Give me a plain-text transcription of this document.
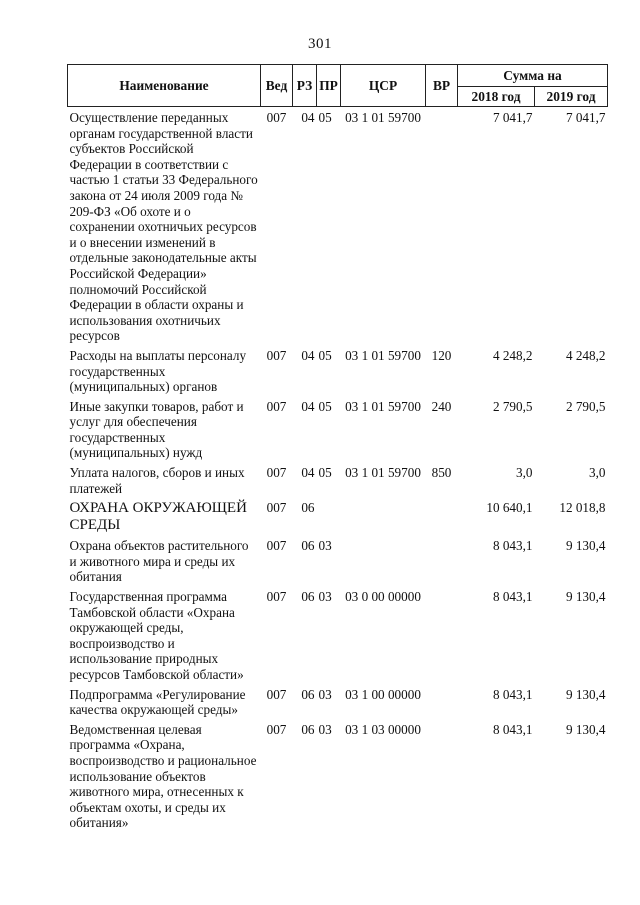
301
Наименование	Вед	РЗ	ПР	ЦСР	ВР	Сумма на	
						2018 год	2019 год
Осуществление переданных органам государственной власти субъектов Российской Федерации в соответствии с частью 1 статьи 33 Федерального закона от 24 июля 2009 года № 209-ФЗ «Об охоте и о сохранении охотничьих ресурсов и о внесении изменений в отдельные законодательные акты Российской Федерации» полномочий Российской Федерации в области охраны и использования охотничьих ресурсов	007	04	05	03 1 01 59700		7 041,7	7 041,7
Расходы на выплаты персоналу государственных (муниципальных) органов	007	04	05	03 1 01 59700	120	4 248,2	4 248,2
Иные закупки товаров, работ и услуг для обеспечения государственных (муниципальных) нужд	007	04	05	03 1 01 59700	240	2 790,5	2 790,5
Уплата налогов, сборов и иных платежей	007	04	05	03 1 01 59700	850	3,0	3,0
ОХРАНА ОКРУЖАЮЩЕЙ СРЕДЫ	007	06				10 640,1	12 018,8
Охрана объектов растительного и животного мира и среды их обитания	007	06	03			8 043,1	9 130,4
Государственная программа Тамбовской области «Охрана окружающей среды, воспроизводство и использование природных ресурсов Тамбовской области»	007	06	03	03 0 00 00000		8 043,1	9 130,4
Подпрограмма «Регулирование качества окружающей среды»	007	06	03	03 1 00 00000		8 043,1	9 130,4
Ведомственная целевая программа «Охрана, воспроизводство и рациональное использование объектов животного мира, отнесенных к объектам охоты, и среды их обитания»	007	06	03	03 1 03 00000		8 043,1	9 130,4
